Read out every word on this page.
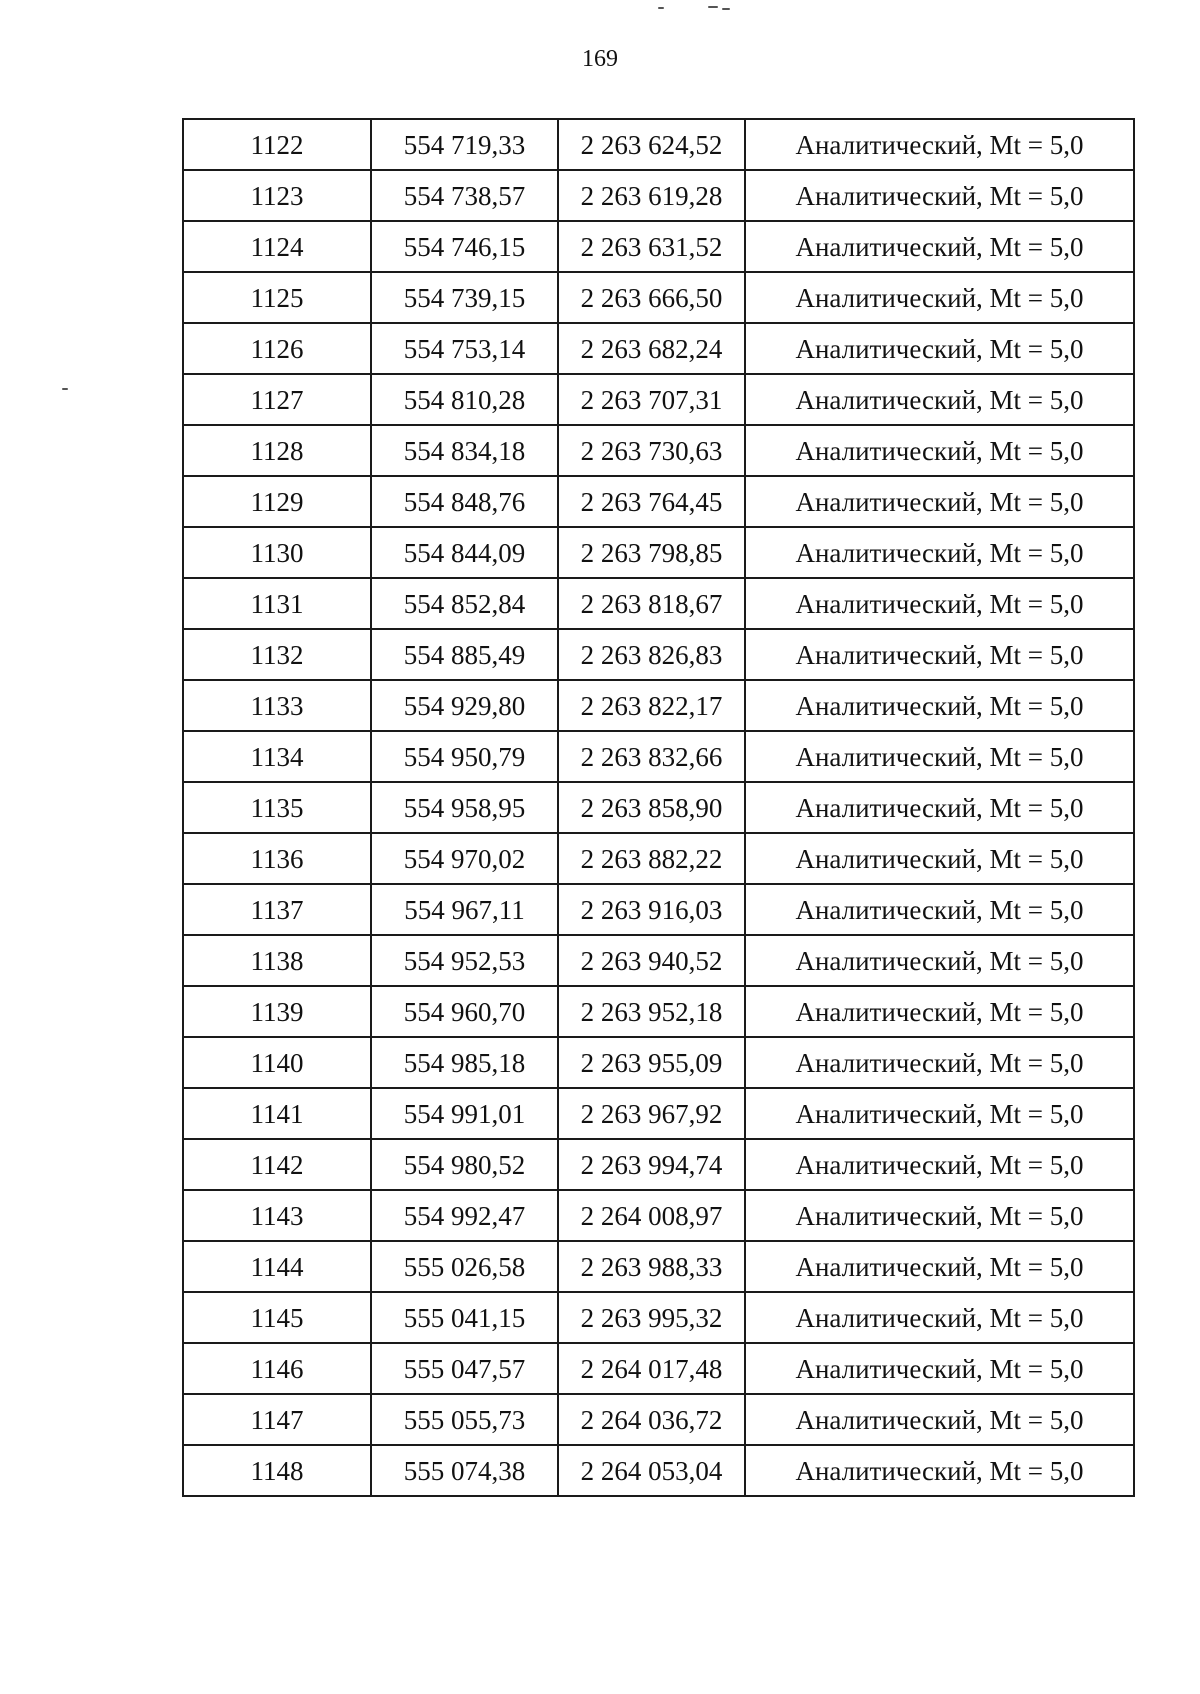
169
1122	554 719,33	2 263 624,52	Аналитический, Mt = 5,0
1123	554 738,57	2 263 619,28	Аналитический, Mt = 5,0
1124	554 746,15	2 263 631,52	Аналитический, Mt = 5,0
1125	554 739,15	2 263 666,50	Аналитический, Mt = 5,0
1126	554 753,14	2 263 682,24	Аналитический, Mt = 5,0
1127	554 810,28	2 263 707,31	Аналитический, Mt = 5,0
1128	554 834,18	2 263 730,63	Аналитический, Mt = 5,0
1129	554 848,76	2 263 764,45	Аналитический, Mt = 5,0
1130	554 844,09	2 263 798,85	Аналитический, Mt = 5,0
1131	554 852,84	2 263 818,67	Аналитический, Mt = 5,0
1132	554 885,49	2 263 826,83	Аналитический, Mt = 5,0
1133	554 929,80	2 263 822,17	Аналитический, Mt = 5,0
1134	554 950,79	2 263 832,66	Аналитический, Mt = 5,0
1135	554 958,95	2 263 858,90	Аналитический, Mt = 5,0
1136	554 970,02	2 263 882,22	Аналитический, Mt = 5,0
1137	554 967,11	2 263 916,03	Аналитический, Mt = 5,0
1138	554 952,53	2 263 940,52	Аналитический, Mt = 5,0
1139	554 960,70	2 263 952,18	Аналитический, Mt = 5,0
1140	554 985,18	2 263 955,09	Аналитический, Mt = 5,0
1141	554 991,01	2 263 967,92	Аналитический, Mt = 5,0
1142	554 980,52	2 263 994,74	Аналитический, Mt = 5,0
1143	554 992,47	2 264 008,97	Аналитический, Mt = 5,0
1144	555 026,58	2 263 988,33	Аналитический, Mt = 5,0
1145	555 041,15	2 263 995,32	Аналитический, Mt = 5,0
1146	555 047,57	2 264 017,48	Аналитический, Mt = 5,0
1147	555 055,73	2 264 036,72	Аналитический, Mt = 5,0
1148	555 074,38	2 264 053,04	Аналитический, Mt = 5,0
